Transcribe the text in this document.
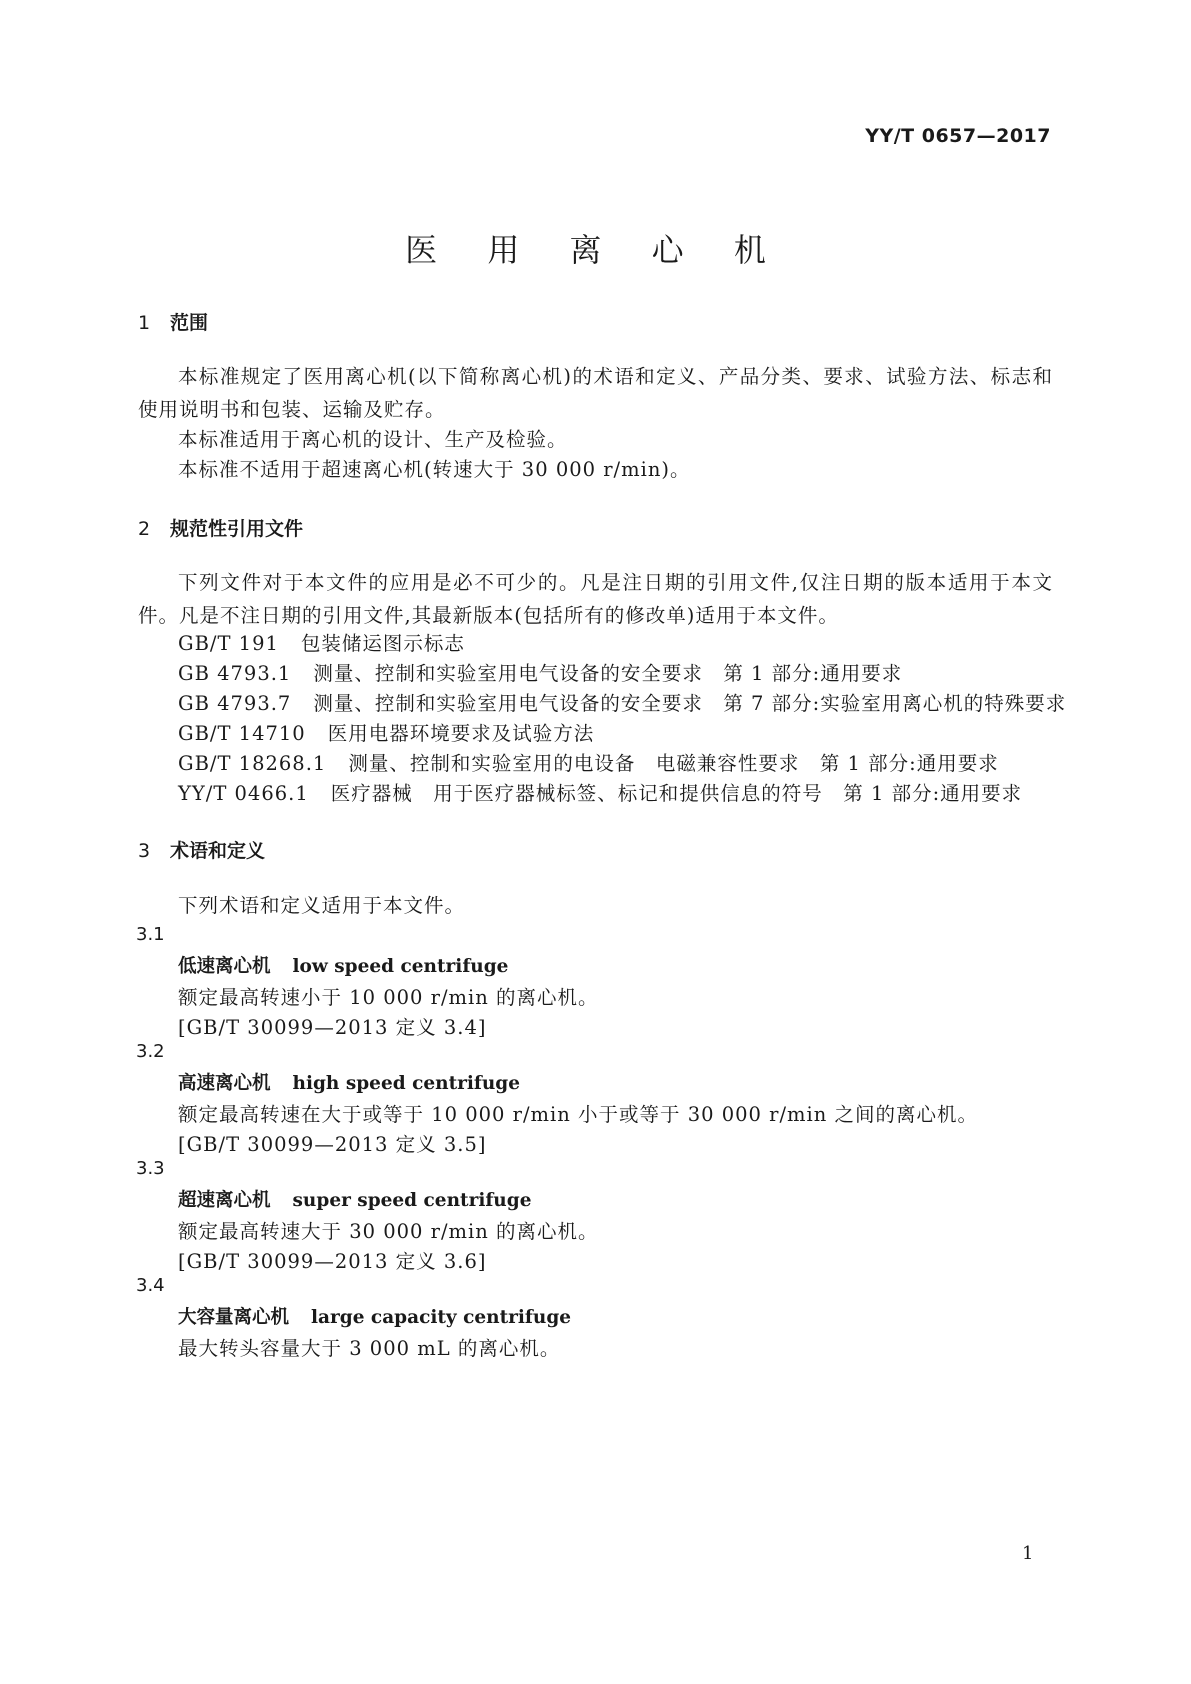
YY/T 0657—2017
医 用 离 心 机
1 范围
本标准规定了医用离心机(以下简称离心机)的术语和定义、产品分类、要求、试验方法、标志和使用说明书和包装、运输及贮存。
本标准适用于离心机的设计、生产及检验。
本标准不适用于超速离心机(转速大于 30 000 r/min)。
2 规范性引用文件
下列文件对于本文件的应用是必不可少的。凡是注日期的引用文件,仅注日期的版本适用于本文件。凡是不注日期的引用文件,其最新版本(包括所有的修改单)适用于本文件。
GB/T 191 包装储运图示标志
GB 4793.1 测量、控制和实验室用电气设备的安全要求　第 1 部分:通用要求
GB 4793.7 测量、控制和实验室用电气设备的安全要求　第 7 部分:实验室用离心机的特殊要求
GB/T 14710 医用电器环境要求及试验方法
GB/T 18268.1 测量、控制和实验室用的电设备　电磁兼容性要求　第 1 部分:通用要求
YY/T 0466.1 医疗器械　用于医疗器械标签、标记和提供信息的符号　第 1 部分:通用要求
3 术语和定义
下列术语和定义适用于本文件。
3.1
低速离心机 low speed centrifuge
额定最高转速小于 10 000 r/min 的离心机。
[GB/T 30099—2013 定义 3.4]
3.2
高速离心机 high speed centrifuge
额定最高转速在大于或等于 10 000 r/min 小于或等于 30 000 r/min 之间的离心机。
[GB/T 30099—2013 定义 3.5]
3.3
超速离心机 super speed centrifuge
额定最高转速大于 30 000 r/min 的离心机。
[GB/T 30099—2013 定义 3.6]
3.4
大容量离心机 large capacity centrifuge
最大转头容量大于 3 000 mL 的离心机。
1
